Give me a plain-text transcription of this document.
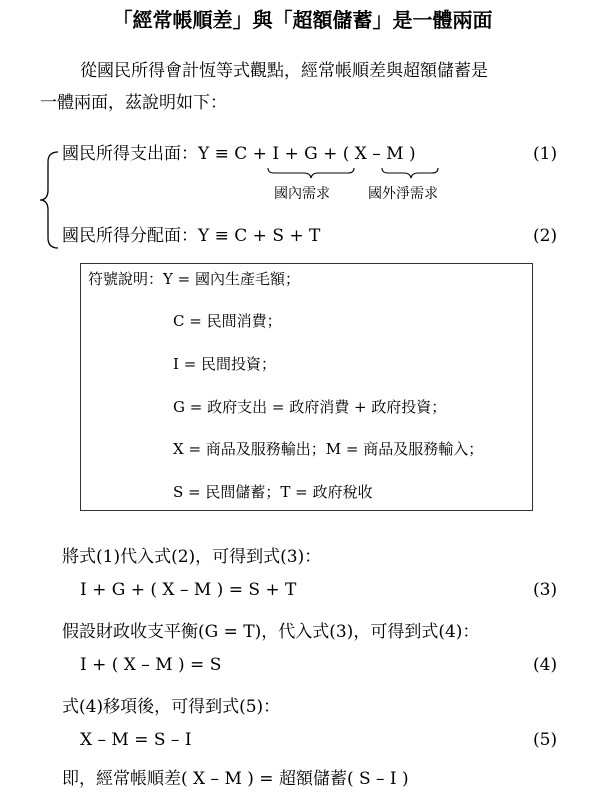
「經常帳順差」與「超額儲蓄」是一體兩面
從國民所得會計恆等式觀點，經常帳順差與超額儲蓄是
一體兩面，茲說明如下：
國民所得支出面：Y ≡ C + I + G + ( X – M )	(1)
國內需求	國外淨需求
國民所得分配面：Y ≡ C + S + T	(2)
符號說明：Y = 國內生產毛額；
C = 民間消費；
I = 民間投資；
G = 政府支出 = 政府消費 + 政府投資；
X = 商品及服務輸出；M = 商品及服務輸入；
S = 民間儲蓄；T = 政府稅收
將式(1)代入式(2)，可得到式(3)：
I + G + ( X – M ) = S + T	(3)
假設財政收支平衡(G = T)，代入式(3)，可得到式(4)：
I + ( X – M ) = S	(4)
式(4)移項後，可得到式(5)：
X – M = S – I	(5)
即，經常帳順差( X – M ) = 超額儲蓄( S – I )
